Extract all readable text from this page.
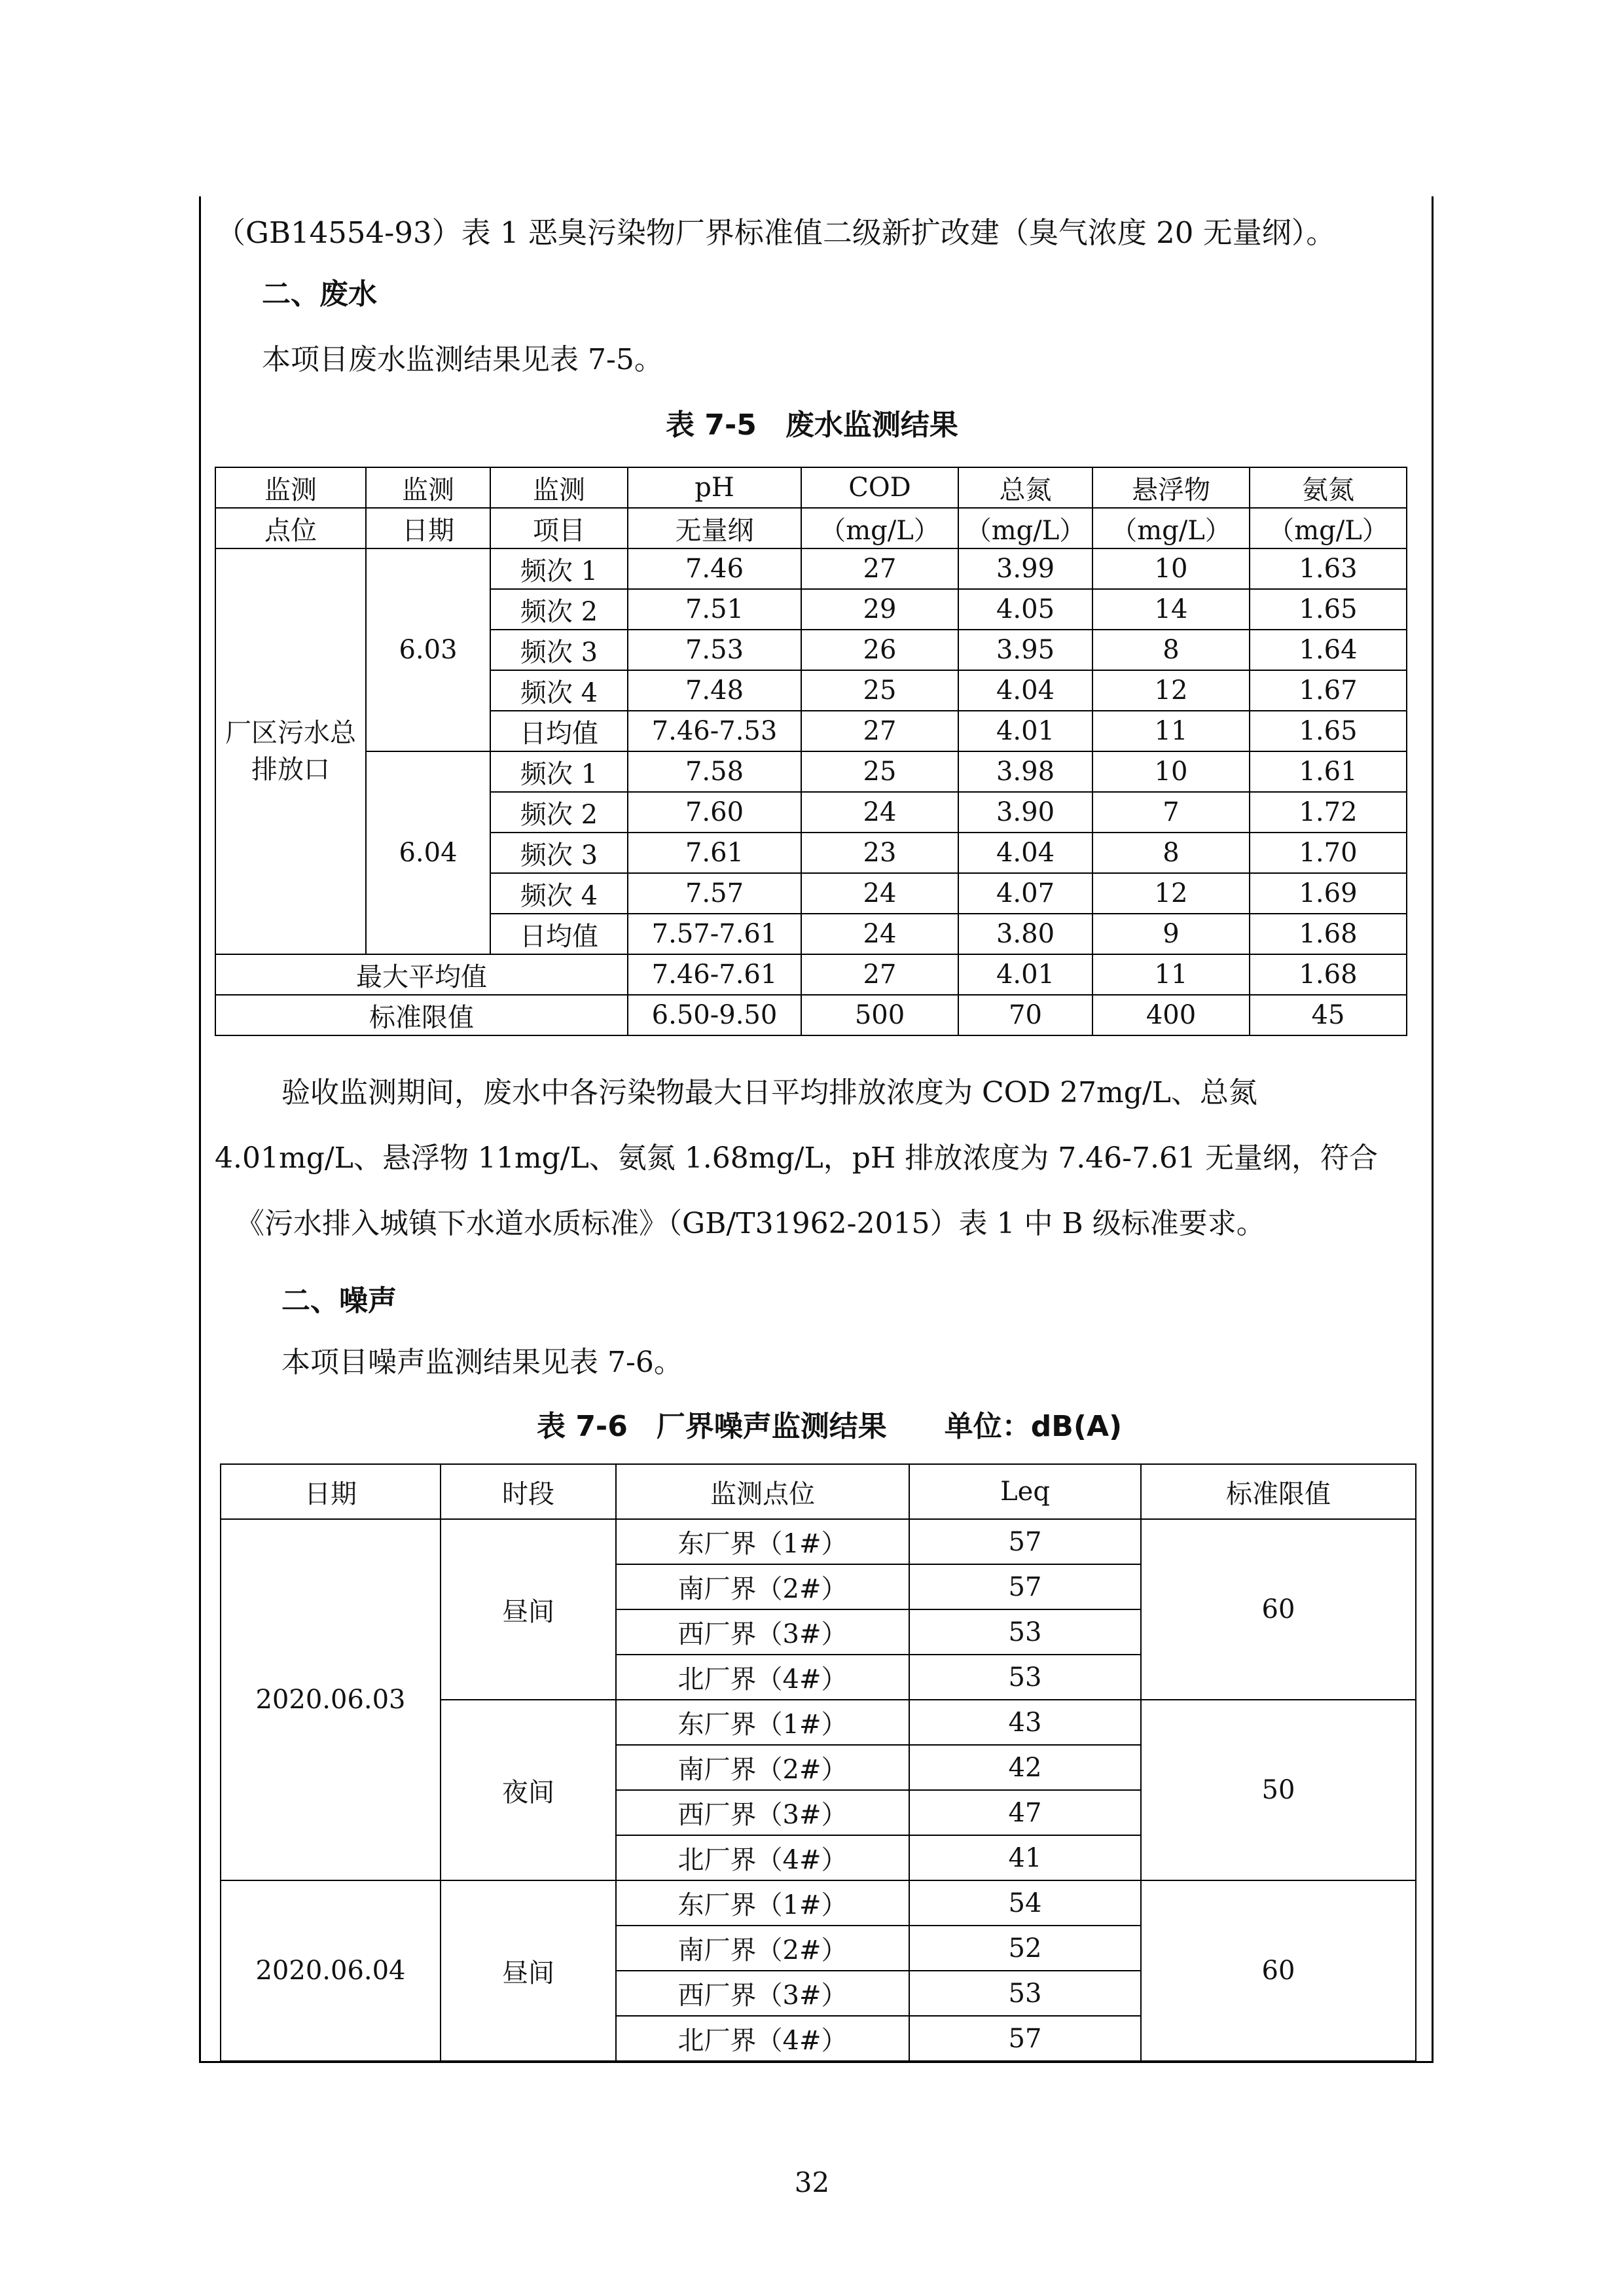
（GB14554-93）表 1 恶臭污染物厂界标准值二级新扩改建（臭气浓度 20 无量纲）。
二、废水
本项目废水监测结果见表 7-5。
表 7-5　废水监测结果
监测	监测	监测	pH	COD	总氮	悬浮物	氨氮
点位	日期	项目	无量纲	（mg/L）	（mg/L）	（mg/L）	（mg/L）
厂区污水总排放口	6.03	频次 1	7.46	27	3.99	10	1.63
		频次 2	7.51	29	4.05	14	1.65
		频次 3	7.53	26	3.95	8	1.64
		频次 4	7.48	25	4.04	12	1.67
		日均值	7.46-7.53	27	4.01	11	1.65
	6.04	频次 1	7.58	25	3.98	10	1.61
		频次 2	7.60	24	3.90	7	1.72
		频次 3	7.61	23	4.04	8	1.70
		频次 4	7.57	24	4.07	12	1.69
		日均值	7.57-7.61	24	3.80	9	1.68
最大平均值			7.46-7.61	27	4.01	11	1.68
标准限值			6.50-9.50	500	70	400	45
验收监测期间，废水中各污染物最大日平均排放浓度为 COD 27mg/L、总氮
4.01mg/L、悬浮物 11mg/L、氨氮 1.68mg/L，pH 排放浓度为 7.46-7.61 无量纲，符合
《污水排入城镇下水道水质标准》（GB/T31962-2015）表 1 中 B 级标准要求。
二、噪声
本项目噪声监测结果见表 7-6。
表 7-6　厂界噪声监测结果　　单位：dB(A)
日期	时段	监测点位	Leq	标准限值
2020.06.03	昼间	东厂界（1#）	57	60
		南厂界（2#）	57	
		西厂界（3#）	53	
		北厂界（4#）	53	
	夜间	东厂界（1#）	43	50
		南厂界（2#）	42	
		西厂界（3#）	47	
		北厂界（4#）	41	
2020.06.04	昼间	东厂界（1#）	54	60
		南厂界（2#）	52	
		西厂界（3#）	53	
		北厂界（4#）	57	
32
